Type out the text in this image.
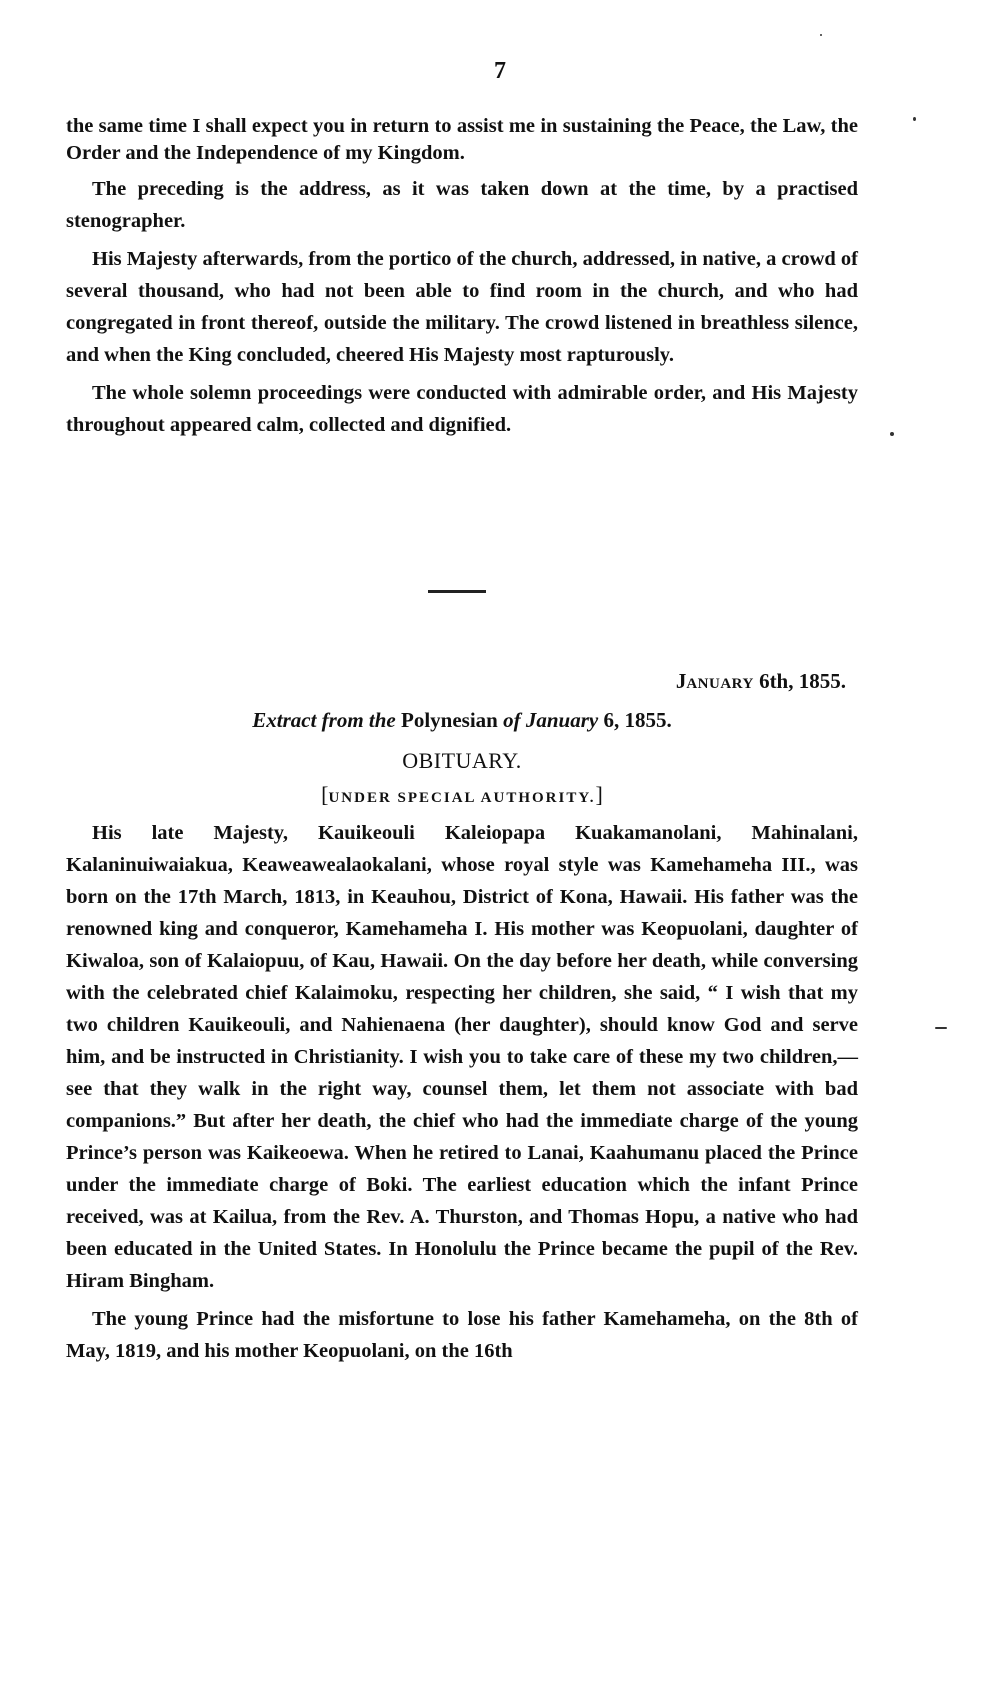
7

the same time I shall expect you in return to assist me in sustaining the Peace, the Law, the Order and the Independence of my Kingdom.

The preceding is the address, as it was taken down at the time, by a practised stenographer.

His Majesty afterwards, from the portico of the church, addressed, in native, a crowd of several thousand, who had not been able to find room in the church, and who had congregated in front thereof, outside the military. The crowd listened in breathless silence, and when the King concluded, cheered His Majesty most rapturously.

The whole solemn proceedings were conducted with admirable order, and His Majesty throughout appeared calm, collected and dignified.

JANUARY 6th, 1855.

Extract from the Polynesian of January 6, 1855.

OBITUARY.

[UNDER SPECIAL AUTHORITY.]

His late Majesty, Kauikeouli Kaleiopapa Kuakamanolani, Mahinalani, Kalaninuiwaiakua, Keaweawealaokalani, whose royal style was Kamehameha III., was born on the 17th March, 1813, in Keauhou, District of Kona, Hawaii. His father was the renowned king and conqueror, Kamehameha I. His mother was Keopuolani, daughter of Kiwaloa, son of Kalaiopuu, of Kau, Hawaii. On the day before her death, while conversing with the celebrated chief Kalaimoku, respecting her children, she said, “ I wish that my two children Kauikeouli, and Nahienaena (her daughter), should know God and serve him, and be instructed in Christianity. I wish you to take care of these my two children,—see that they walk in the right way, counsel them, let them not associate with bad companions.” But after her death, the chief who had the immediate charge of the young Prince’s person was Kaikeoewa. When he retired to Lanai, Kaahumanu placed the Prince under the immediate charge of Boki. The earliest education which the infant Prince received, was at Kailua, from the Rev. A. Thurston, and Thomas Hopu, a native who had been educated in the United States. In Honolulu the Prince became the pupil of the Rev. Hiram Bingham.

The young Prince had the misfortune to lose his father Kamehameha, on the 8th of May, 1819, and his mother Keopuolani, on the 16th
